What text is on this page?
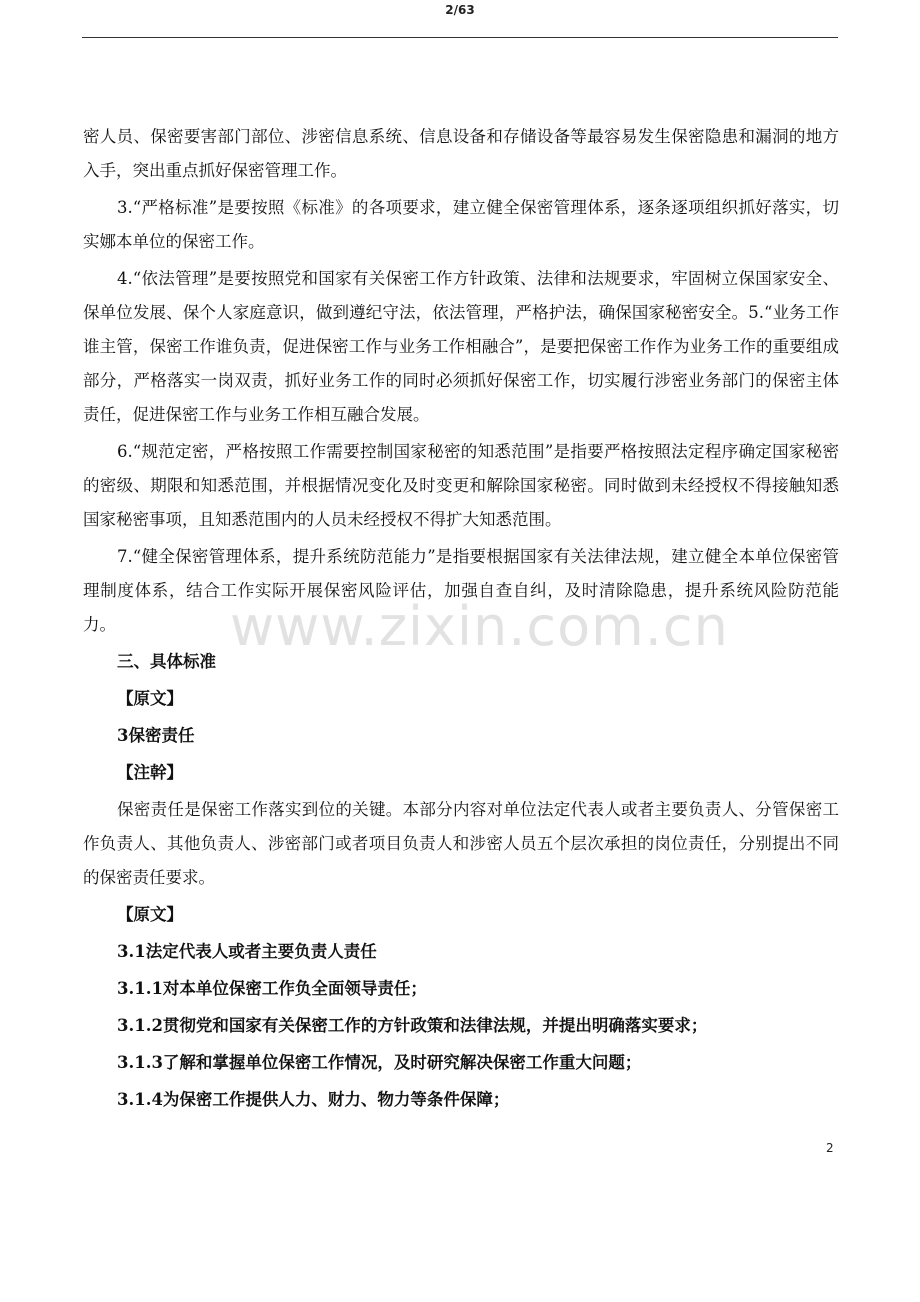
2/63

密人员、保密要害部门部位、涉密信息系统、信息设备和存储设备等最容易发生保密隐患和漏洞的地方入手，突出重点抓好保密管理工作。

3.“严格标准”是要按照《标准》的各项要求，建立健全保密管理体系，逐条逐项组织抓好落实，切实娜本单位的保密工作。

4.“依法管理”是要按照党和国家有关保密工作方针政策、法律和法规要求，牢固树立保国家安全、保单位发展、保个人家庭意识，做到遵纪守法，依法管理，严格护法，确保国家秘密安全。5.“业务工作谁主管，保密工作谁负责，促进保密工作与业务工作相融合”，是要把保密工作作为业务工作的重要组成部分，严格落实一岗双责，抓好业务工作的同时必须抓好保密工作，切实履行涉密业务部门的保密主体责任，促进保密工作与业务工作相互融合发展。

6.“规范定密，严格按照工作需要控制国家秘密的知悉范围”是指要严格按照法定程序确定国家秘密的密级、期限和知悉范围，并根据情况变化及时变更和解除国家秘密。同时做到未经授权不得接触知悉国家秘密事项，且知悉范围内的人员未经授权不得扩大知悉范围。

7.“健全保密管理体系，提升系统防范能力”是指要根据国家有关法律法规，建立健全本单位保密管理制度体系，结合工作实际开展保密风险评估，加强自查自纠，及时清除隐患，提升系统风险防范能力。

三、具体标准

【原文】

3保密责任

【注幹】

保密责任是保密工作落实到位的关键。本部分内容对单位法定代表人或者主要负责人、分管保密工作负责人、其他负责人、涉密部门或者项目负责人和涉密人员五个层次承担的岗位责任，分别提出不同的保密责任要求。

【原文】

3.1法定代表人或者主要负责人责任

3.1.1对本单位保密工作负全面领导责任；

3.1.2贯彻党和国家有关保密工作的方针政策和法律法规，并提出明确落实要求；

3.1.3了解和掌握单位保密工作情况，及时研究解决保密工作重大问题；

3.1.4为保密工作提供人力、财力、物力等条件保障；

www.zixin.com.cn
2
